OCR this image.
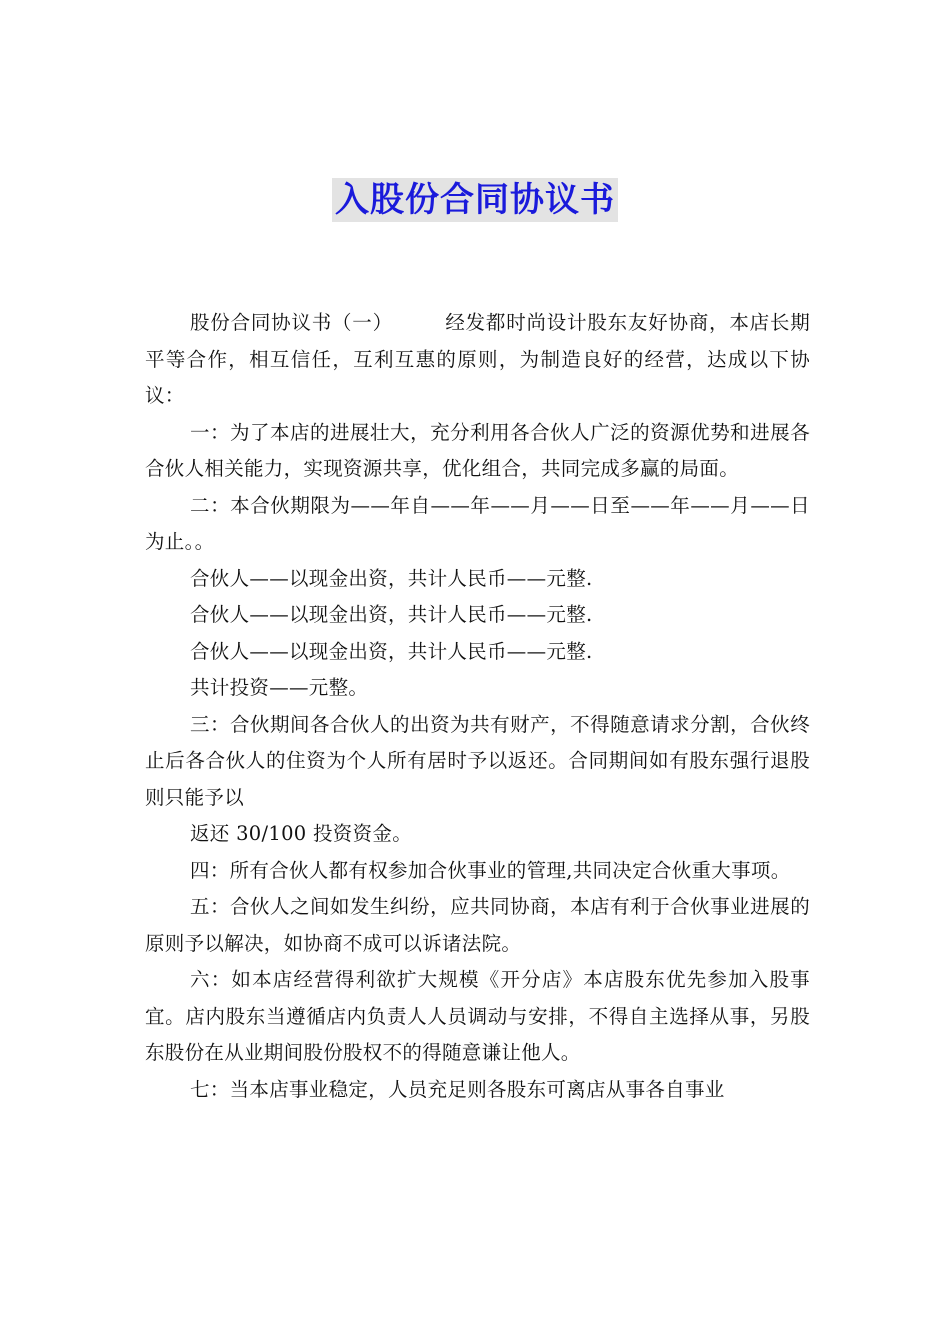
入股份合同协议书

股份合同协议书（一）	经发都时尚设计股东友好协商，本店长期平等合作，相互信任，互利互惠的原则，为制造良好的经营，达成以下协议：

一：为了本店的进展壮大，充分利用各合伙人广泛的资源优势和进展各合伙人相关能力，实现资源共享，优化组合，共同完成多赢的局面。

二：本合伙期限为——年自——年——月——日至——年——月——日为止。。

合伙人——以现金出资，共计人民币——元整.

合伙人——以现金出资，共计人民币——元整.

合伙人——以现金出资，共计人民币——元整.

共计投资——元整。

三：合伙期间各合伙人的出资为共有财产，不得随意请求分割，合伙终止后各合伙人的住资为个人所有居时予以返还。合同期间如有股东强行退股则只能予以

返还 30/100 投资资金。

四：所有合伙人都有权参加合伙事业的管理,共同决定合伙重大事项。

五：合伙人之间如发生纠纷，应共同协商，本店有利于合伙事业进展的原则予以解决，如协商不成可以诉诸法院。

六：如本店经营得利欲扩大规模《开分店》本店股东优先参加入股事宜。店内股东当遵循店内负责人人员调动与安排，不得自主选择从事，另股东股份在从业期间股份股权不的得随意谦让他人。

七：当本店事业稳定，人员充足则各股东可离店从事各自事业
